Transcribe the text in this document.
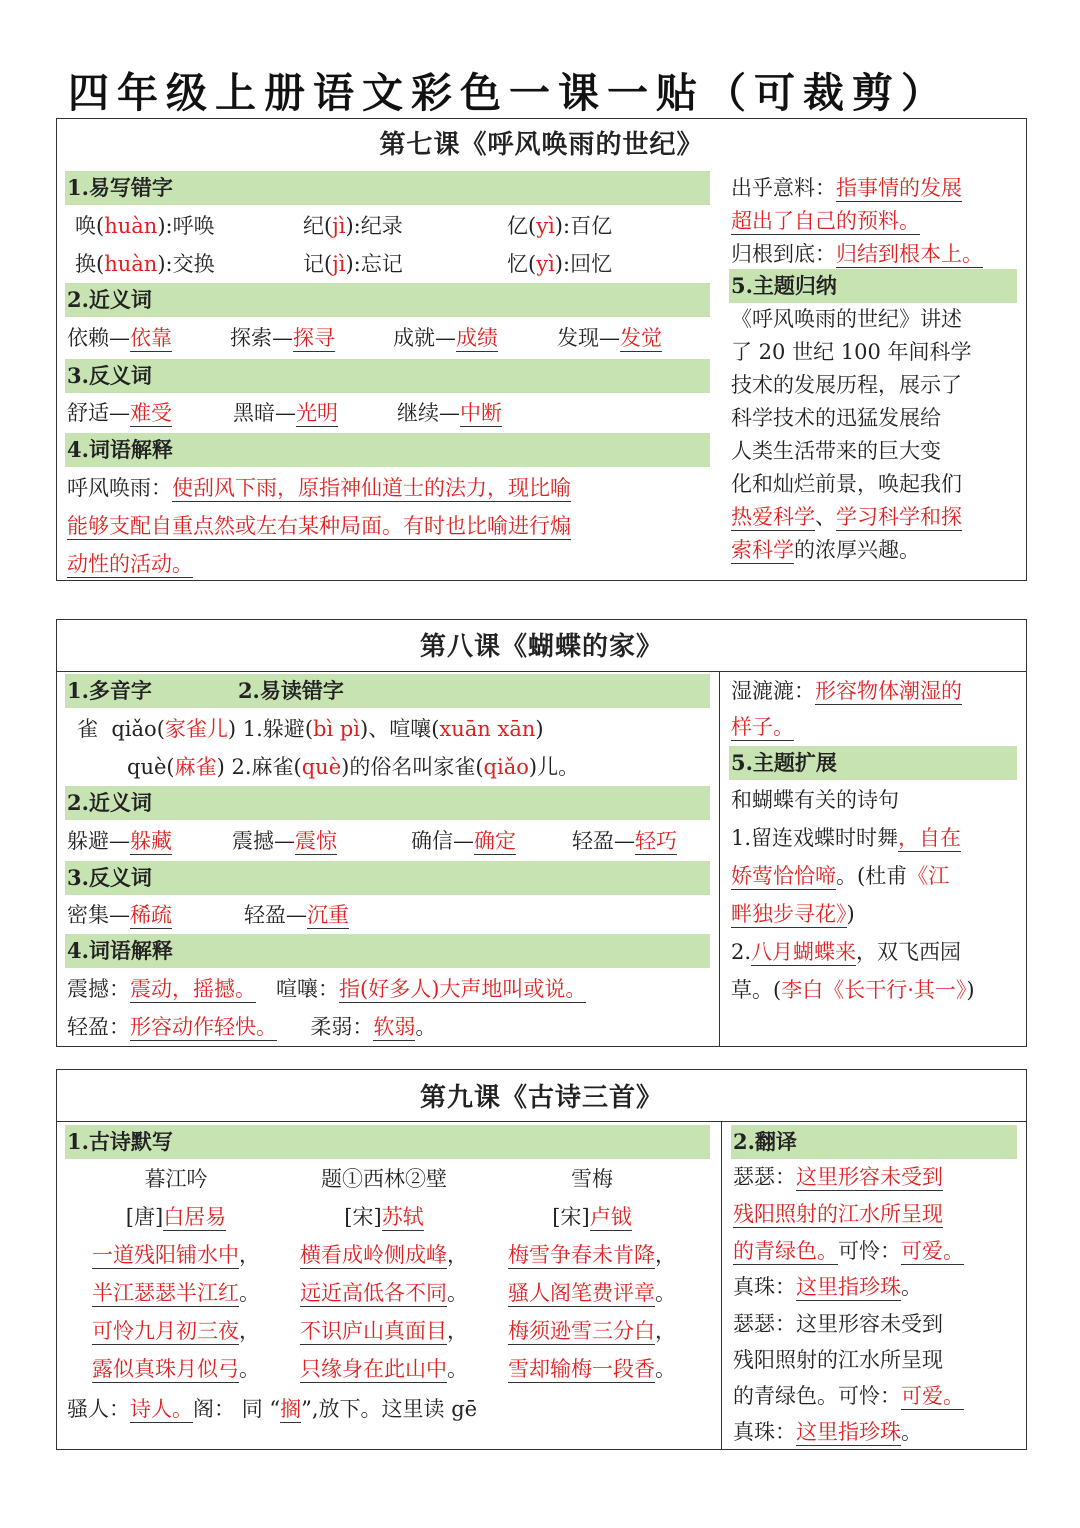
四年级上册语文彩色一课一贴（可裁剪）
第七课《呼风唤雨的世纪》
1.易写错字
唤(huàn):呼唤	纪(jì):纪录	亿(yì):百亿
换(huàn):交换	记(jì):忘记	忆(yì):回忆
2.近义词
依赖—依靠	探索—探寻	成就—成绩	发现—发觉
3.反义词
舒适—难受	黑暗—光明	继续—中断
4.词语解释
呼风唤雨：使刮风下雨，原指神仙道士的法力，现比喻
能够支配自重点然或左右某种局面。有时也比喻进行煽
动性的活动。
出乎意料：指事情的发展
超出了自己的预料。
归根到底：归结到根本上。
5.主题归纳
《呼风唤雨的世纪》讲述
了 20 世纪 100 年间科学
技术的发展历程，展示了
科学技术的迅猛发展给
人类生活带来的巨大变
化和灿烂前景，唤起我们
热爱科学、学习科学和探
索科学的浓厚兴趣。
第八课《蝴蝶的家》
1.多音字	2.易读错字
雀 qiǎo(家雀儿) 1.躲避(bì pì)、喧嚷(xuān xān)
què(麻雀) 2.麻雀(què)的俗名叫家雀(qiǎo)儿。
2.近义词
躲避—躲藏	震撼—震惊	确信—确定	轻盈—轻巧
3.反义词
密集—稀疏	轻盈—沉重
4.词语解释
震撼：震动，摇撼。 喧嚷：指(好多人)大声地叫或说。
轻盈：形容动作轻快。 柔弱：软弱。
湿漉漉：形容物体潮湿的
样子。
5.主题扩展
和蝴蝶有关的诗句
1.留连戏蝶时时舞，自在
娇莺恰恰啼。(杜甫《江
畔独步寻花》)
2.八月蝴蝶来，双飞西园
草。(李白《长干行·其一》)
第九课《古诗三首》
1.古诗默写
暮江吟
[唐]白居易
一道残阳铺水中，
半江瑟瑟半江红。
可怜九月初三夜，
露似真珠月似弓。
题①西林②壁
[宋]苏轼
横看成岭侧成峰，
远近高低各不同。
不识庐山真面目，
只缘身在此山中。
雪梅
[宋]卢钺
梅雪争春未肯降，
骚人阁笔费评章。
梅须逊雪三分白，
雪却输梅一段香。
骚人：诗人。阁： 同 “搁”,放下。这里读 gē
2.翻译
瑟瑟：这里形容未受到
残阳照射的江水所呈现
的青绿色。可怜：可爱。
真珠：这里指珍珠。
瑟瑟：这里形容未受到
残阳照射的江水所呈现
的青绿色。可怜：可爱。
真珠：这里指珍珠。
